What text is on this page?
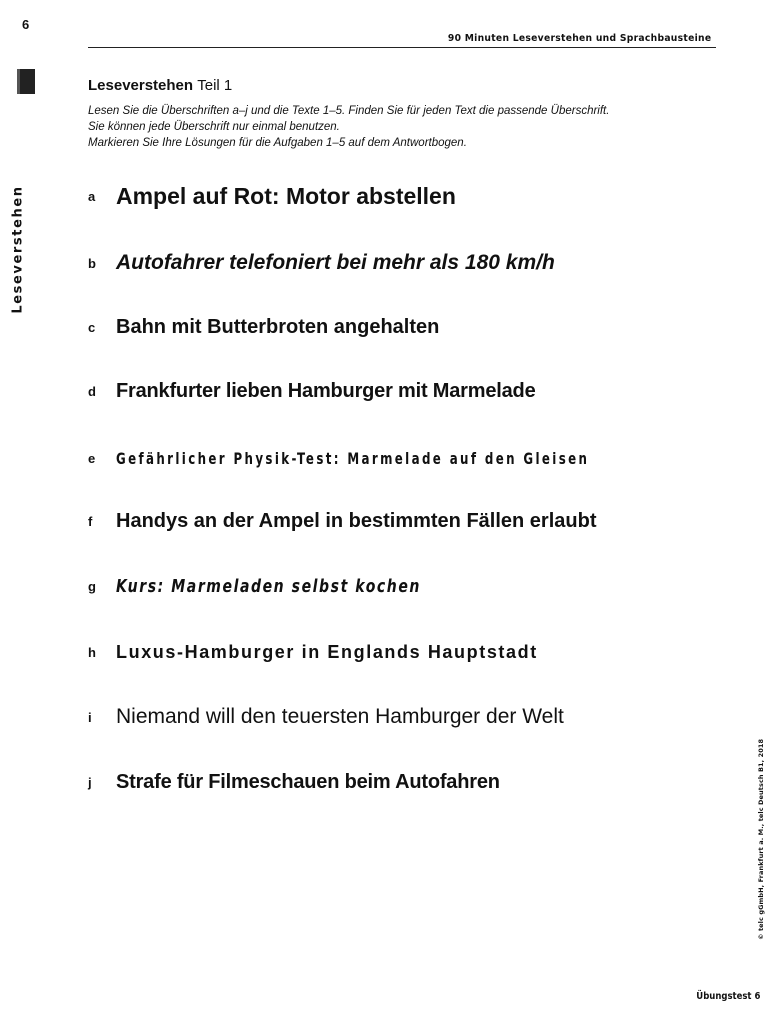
6
90 Minuten Leseverstehen und Sprachbausteine
Leseverstehen
Leseverstehen Teil 1
Lesen Sie die Überschriften a–j und die Texte 1–5. Finden Sie für jeden Text die passende Überschrift.
Sie können jede Überschrift nur einmal benutzen.
Markieren Sie Ihre Lösungen für die Aufgaben 1–5 auf dem Antwortbogen.
a Ampel auf Rot: Motor abstellen
b Autofahrer telefoniert bei mehr als 180 km/h
c	Bahn mit Butterbroten angehalten
d	Frankfurter lieben Hamburger mit Marmelade
e	Gefährlicher Physik-Test: Marmelade auf den Gleisen
f	Handys an der Ampel in bestimmten Fällen erlaubt
g	Kurs: Marmeladen selbst kochen
h	Luxus-Hamburger in Englands Hauptstadt
i	Niemand will den teuersten Hamburger der Welt
j	Strafe für Filmeschauen beim Autofahren	© telc gGmbH, Frankfurt a. M., telc Deutsch B1, 2018
Übungstest 6
